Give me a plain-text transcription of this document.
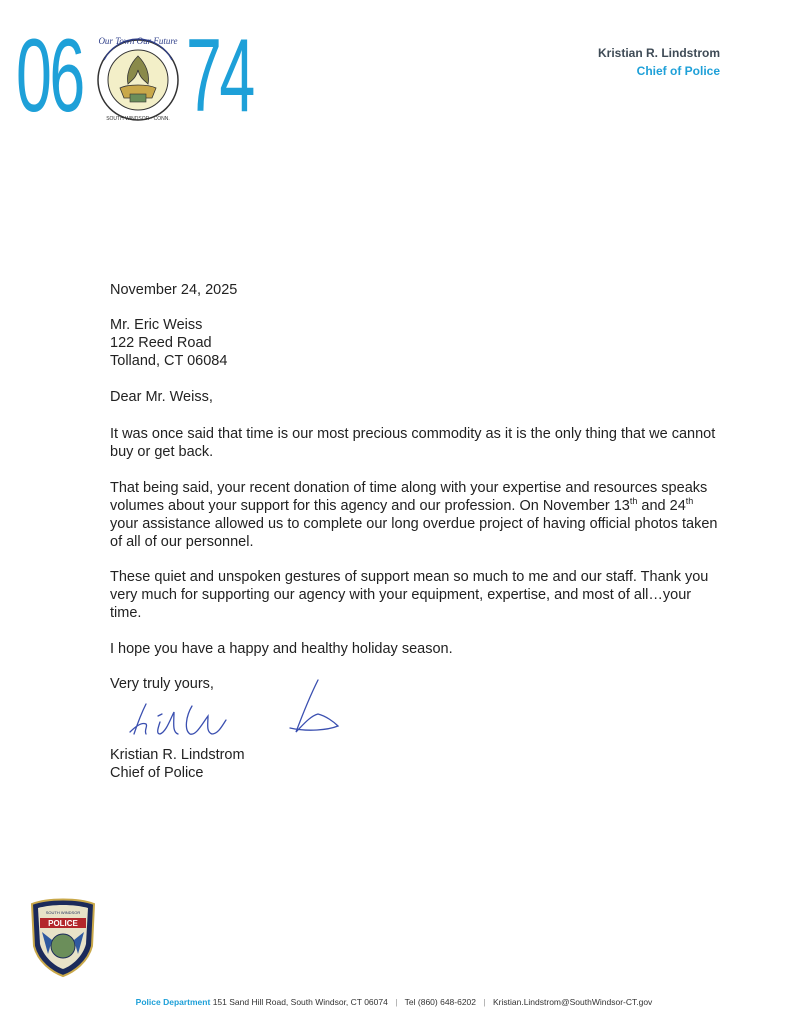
06 Our Town Our Future
SOUTH WINDSOR · CONN. 74	Kristian R. Lindstrom
Chief of Police
November 24, 2025
Mr. Eric Weiss
122 Reed Road
Tolland, CT 06084
Dear Mr. Weiss,

It was once said that time is our most precious commodity as it is the only thing that we cannot buy or get back.

That being said, your recent donation of time along with your expertise and resources speaks volumes about your support for this agency and our profession. On November 13th and 24th your assistance allowed us to complete our long overdue project of having official photos taken of all of our personnel.

These quiet and unspoken gestures of support mean so much to me and our staff. Thank you very much for supporting our agency with your equipment, expertise, and most of all…your time.

I hope you have a happy and healthy holiday season.

Very truly yours,
Kristian R. Lindstrom
Chief of Police
POLICE
SOUTH WINDSOR
Police Department 151 Sand Hill Road, South Windsor, CT 06074 | Tel (860) 648-6202 | Kristian.Lindstrom@SouthWindsor-CT.gov
